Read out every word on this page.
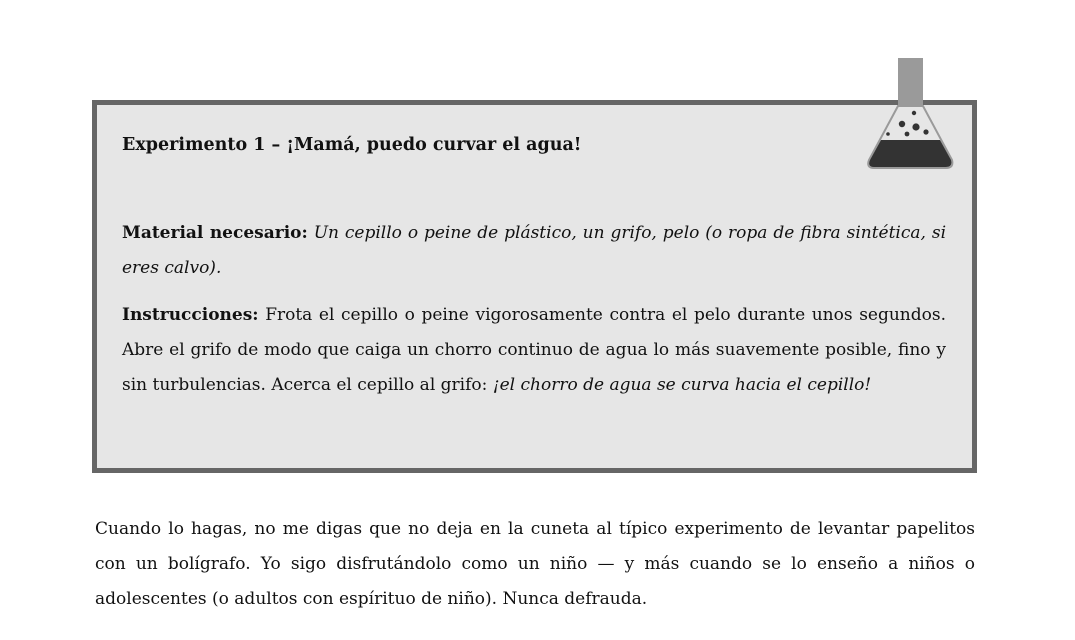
Experimento 1 – ¡Mamá, puedo curvar el agua!

Material necesario: Un cepillo o peine de plástico, un grifo, pelo (o ropa de fibra sintética, si eres calvo).

Instrucciones: Frota el cepillo o peine vigorosamente contra el pelo durante unos segundos. Abre el grifo de modo que caiga un chorro continuo de agua lo más suavemente posible, fino y sin turbulencias. Acerca el cepillo al grifo: ¡el chorro de agua se curva hacia el cepillo!

Cuando lo hagas, no me digas que no deja en la cuneta al típico experimento de levantar papelitos con un bolígrafo. Yo sigo disfrutándolo como un niño — y más cuando se lo enseño a niños o adolescentes (o adultos con espírituo de niño). Nunca defrauda.
